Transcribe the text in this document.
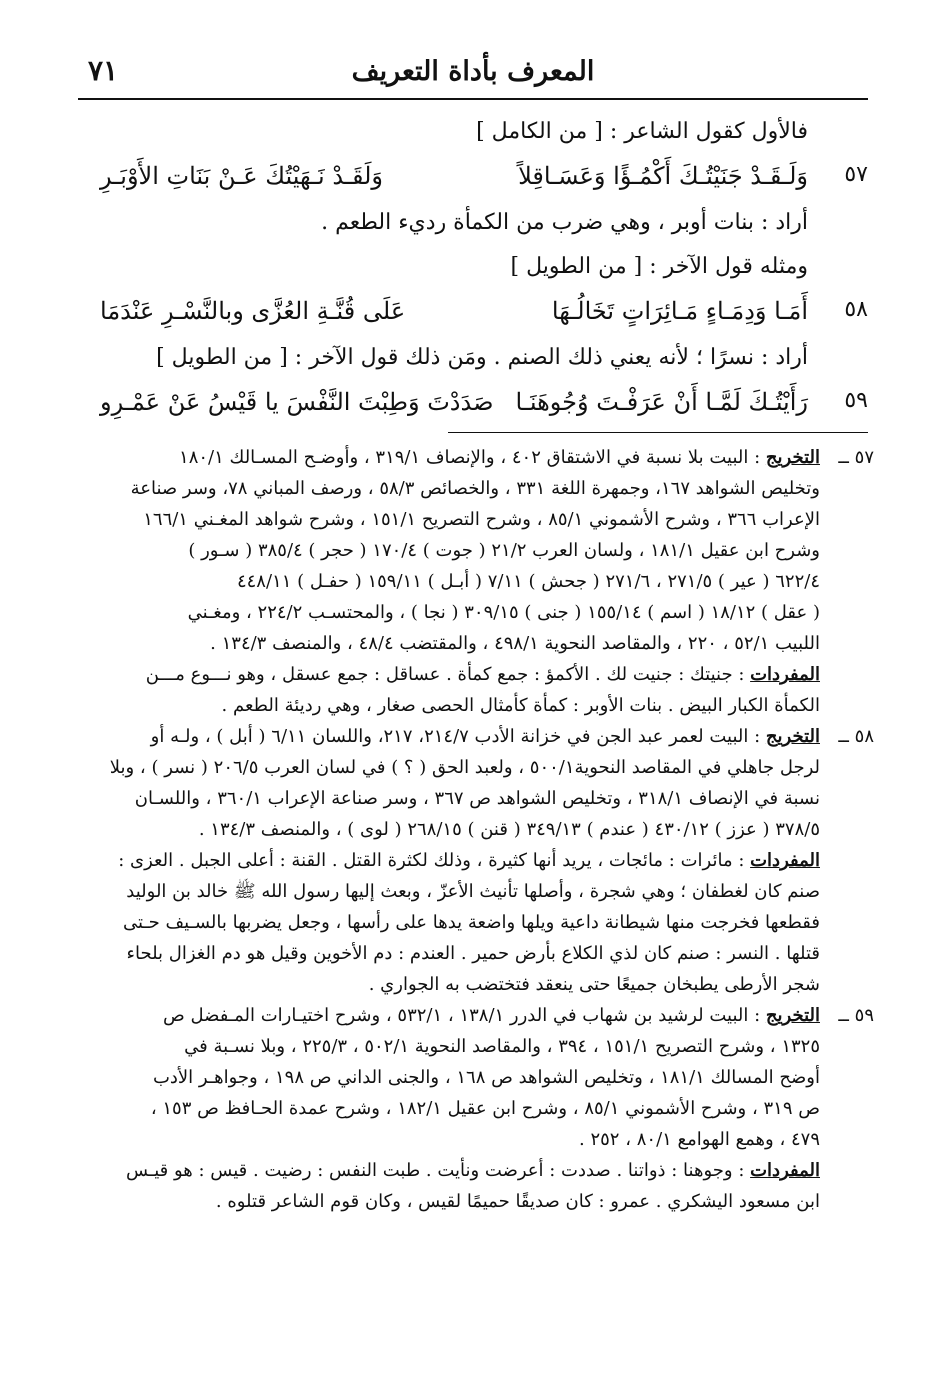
المعرف بأداة التعريف
٧١
فالأول كقول الشاعر : [ من الكامل ]
٥٧
وَلَـقَـدْ جَنَيْتُـكَ أَكْمُـؤًا وَعَسَـاقِلاً
وَلَقَـدْ نَـهَيْتُكَ عَـنْ بَنَاتِ الأَوْبَـرِ
أراد : بنات أوبر ، وهي ضرب من الكمأة رديء الطعم .
ومثله قول الآخر : [ من الطويل ]
٥٨
أَمَـا وَدِمَـاءٍ مَـائِرَاتٍ تَخَالُـهَا
عَلَى قُنَّـةِ العُزَّى وبالنَّسْـرِ عَنْدَمَا
أراد : نسرًا ؛ لأنه يعني ذلك الصنم . ومَن ذلك قول الآخر : [ من الطويل ]
٥٩
رَأَيْتُـكَ لَمَّـا أَنْ عَرَفْـتَ وُجُوهَنَـا
صَدَدْتَ وَطِبْتَ النَّفْسَ يا قَيْسُ عَنْ عَمْـرِو
٥٧ ــ
التخريج : البيت بلا نسبة في الاشتقاق ٤٠٢ ، والإنصاف ٣١٩/١ ، وأوضـح المسـالك ١٨٠/١
وتخليص الشواهد ١٦٧، وجمهرة اللغة ٣٣١ ، والخصائص ٥٨/٣ ، ورصف المباني ٧٨، وسر صناعة
الإعراب ٣٦٦ ، وشرح الأشموني ٨٥/١ ، وشرح التصريح ١٥١/١ ، وشرح شواهد المغـني ١٦٦/١
وشرح ابن عقيل ١٨١/١ ، ولسان العرب ٢١/٢ ( جوت ) ١٧٠/٤ ( حجر ) ٣٨٥/٤ ( سـور )
٦٢٢/٤ ( عير ) ٢٧١/٥ ، ٢٧١/٦ ( جحش ) ٧/١١ ( أبـل ) ١٥٩/١١ ( حفـل ) ٤٤٨/١١
( عقل ) ١٨/١٢ ( اسم ) ١٥٥/١٤ ( جنى ) ٣٠٩/١٥ ( نجا ) ، والمحتسـب ٢٢٤/٢ ، ومغـني
اللبيب ٥٢/١ ، ٢٢٠ ، والمقاصد النحوية ٤٩٨/١ ، والمقتضب ٤٨/٤ ، والمنصف ١٣٤/٣ .
المفردات : جنيتك : جنيت لك . الأكمؤ : جمع كمأة . عساقل : جمع عسقل ، وهو نـــوع مـــن
الكمأة الكبار البيض . بنات الأوبر : كمأة كأمثال الحصى صغار ، وهي رديئة الطعم .
٥٨ ــ
التخريج : البيت لعمر عبد الجن في خزانة الأدب ٢١٤/٧، ٢١٧، واللسان ٦/١١ ( أبل ) ، ولـه أو
لرجل جاهلي في المقاصد النحوية٥٠٠/١ ، ولعبد الحق ( ؟ ) في لسان العرب ٢٠٦/٥ ( نسر ) ، وبلا
نسبة في الإنصاف ٣١٨/١ ، وتخليص الشواهد ص ٣٦٧ ، وسر صناعة الإعراب ٣٦٠/١ ، واللسـان
٣٧٨/٥ ( عزز ) ٤٣٠/١٢ ( عندم ) ٣٤٩/١٣ ( قنن ) ٢٦٨/١٥ ( لوى ) ، والمنصف ١٣٤/٣ .
المفردات : مائرات : مائجات ، يريد أنها كثيرة ، وذلك لكثرة القتل . القنة : أعلى الجبل . العزى :
صنم كان لغطفان ؛ وهي شجرة ، وأصلها تأنيث الأعزّ ، وبعث إليها رسول الله ﷺ خالد بن الوليد
فقطعها فخرجت منها شيطانة داعية ويلها واضعة يدها على رأسها ، وجعل يضربها بالسـيف حـتى
قتلها . النسر : صنم كان لذي الكلاع بأرض حمير . العندم : دم الأخوين وقيل هو دم الغزال بلحاء
شجر الأرطى يطبخان جميعًا حتى ينعقد فتختضب به الجواري .
٥٩ ــ
التخريج : البيت لرشيد بن شهاب في الدرر ١٣٨/١ ، ٥٣٢/١ ، وشرح اختيـارات المـفضل ص
١٣٢٥ ، وشرح التصريح ١٥١/١ ، ٣٩٤ ، والمقاصد النحوية ٥٠٢/١ ، ٢٢٥/٣ ، وبلا نسـبة في
أوضح المسالك ١٨١/١ ، وتخليص الشواهد ص ١٦٨ ، والجنى الداني ص ١٩٨ ، وجواهـر الأدب
ص ٣١٩ ، وشرح الأشموني ٨٥/١ ، وشرح ابن عقيل ١٨٢/١ ، وشرح عمدة الحـافظ ص ١٥٣ ،
٤٧٩ ، وهمع الهوامع ٨٠/١ ، ٢٥٢ .
المفردات : وجوهنا : ذواتنا . صددت : أعرضت ونأيت . طبت النفس : رضيت . قيس : هو قيـس
ابن مسعود اليشكري . عمرو : كان صديقًا حميمًا لقيس ، وكان قوم الشاعر قتلوه .
